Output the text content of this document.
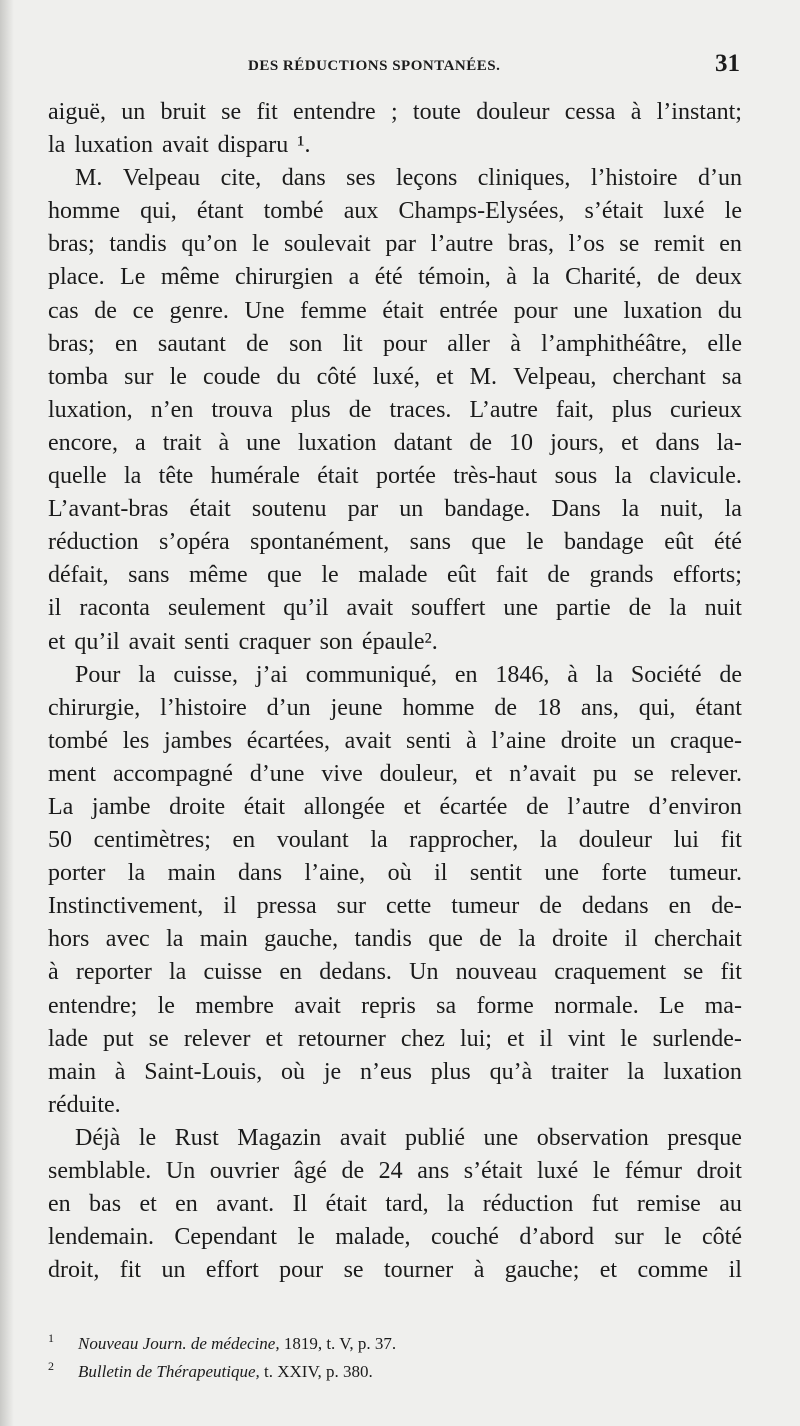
DES RÉDUCTIONS SPONTANÉES.	31
aiguë, un bruit se fit entendre ; toute douleur cessa à l’instant;
la luxation avait disparu ¹.
M. Velpeau cite, dans ses leçons cliniques, l’histoire d’un
homme qui, étant tombé aux Champs-Elysées, s’était luxé le
bras; tandis qu’on le soulevait par l’autre bras, l’os se remit en
place. Le même chirurgien a été témoin, à la Charité, de deux
cas de ce genre. Une femme était entrée pour une luxation du
bras; en sautant de son lit pour aller à l’amphithéâtre, elle
tomba sur le coude du côté luxé, et M. Velpeau, cherchant sa
luxation, n’en trouva plus de traces. L’autre fait, plus curieux
encore, a trait à une luxation datant de 10 jours, et dans la-
quelle la tête humérale était portée très-haut sous la clavicule.
L’avant-bras était soutenu par un bandage. Dans la nuit, la
réduction s’opéra spontanément, sans que le bandage eût été
défait, sans même que le malade eût fait de grands efforts;
il raconta seulement qu’il avait souffert une partie de la nuit
et qu’il avait senti craquer son épaule².
Pour la cuisse, j’ai communiqué, en 1846, à la Société de
chirurgie, l’histoire d’un jeune homme de 18 ans, qui, étant
tombé les jambes écartées, avait senti à l’aine droite un craque-
ment accompagné d’une vive douleur, et n’avait pu se relever.
La jambe droite était allongée et écartée de l’autre d’environ
50 centimètres; en voulant la rapprocher, la douleur lui fit
porter la main dans l’aine, où il sentit une forte tumeur.
Instinctivement, il pressa sur cette tumeur de dedans en de-
hors avec la main gauche, tandis que de la droite il cherchait
à reporter la cuisse en dedans. Un nouveau craquement se fit
entendre; le membre avait repris sa forme normale. Le ma-
lade put se relever et retourner chez lui; et il vint le surlende-
main à Saint-Louis, où je n’eus plus qu’à traiter la luxation
réduite.
Déjà le Rust Magazin avait publié une observation presque
semblable. Un ouvrier âgé de 24 ans s’était luxé le fémur droit
en bas et en avant. Il était tard, la réduction fut remise au
lendemain. Cependant le malade, couché d’abord sur le côté
droit, fit un effort pour se tourner à gauche; et comme il
1 Nouveau Journ. de médecine, 1819, t. V, p. 37.
2 Bulletin de Thérapeutique, t. XXIV, p. 380.
